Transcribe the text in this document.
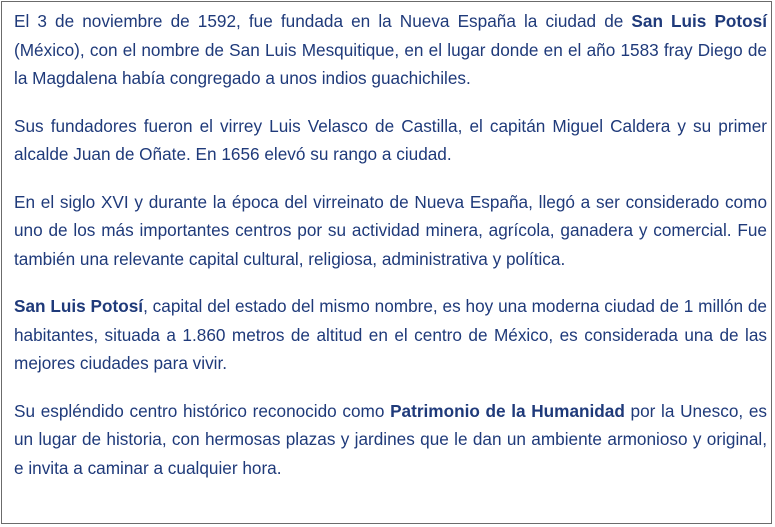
El 3 de noviembre de 1592, fue fundada en la Nueva España la ciudad de San Luis Potosí (México), con el nombre de San Luis Mesquitique, en el lugar donde en el año 1583 fray Diego de la Magdalena había congregado a unos indios guachichiles.

Sus fundadores fueron el virrey Luis Velasco de Castilla, el capitán Miguel Caldera y su primer alcalde Juan de Oñate. En 1656 elevó su rango a ciudad.

En el siglo XVI y durante la época del virreinato de Nueva España, llegó a ser considerado como uno de los más importantes centros por su actividad minera, agrícola, ganadera y comercial. Fue también una relevante capital cultural, religiosa, administrativa y política.

San Luis Potosí, capital del estado del mismo nombre, es hoy una moderna ciudad de 1 millón de habitantes, situada a 1.860 metros de altitud en el centro de México, es considerada una de las mejores ciudades para vivir.

Su espléndido centro histórico reconocido como Patrimonio de la Humanidad por la Unesco, es un lugar de historia, con hermosas plazas y jardines que le dan un ambiente armonioso y original, e invita a caminar a cualquier hora.
